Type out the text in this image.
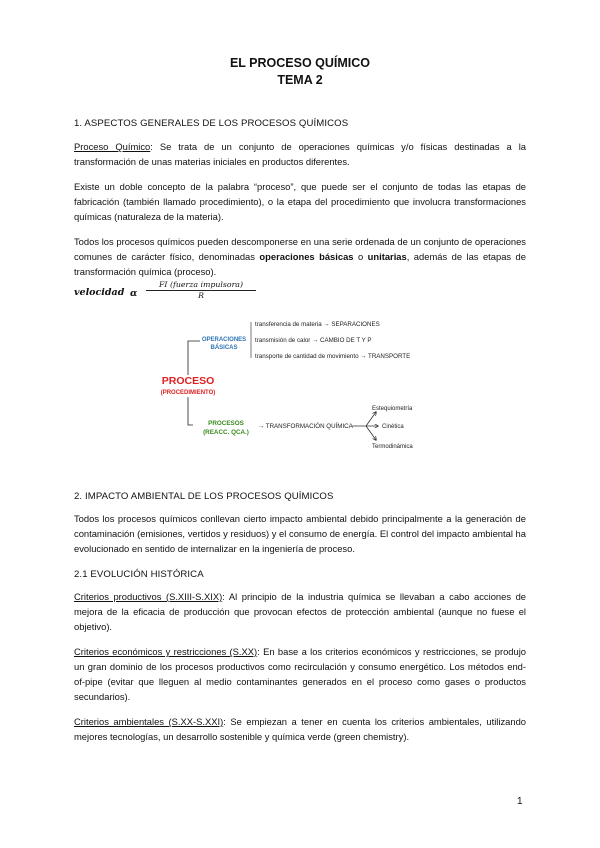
EL PROCESO QUÍMICO
TEMA 2
1. ASPECTOS GENERALES DE LOS PROCESOS QUÍMICOS

Proceso Químico: Se trata de un conjunto de operaciones químicas y/o físicas destinadas a la transformación de unas materias iniciales en productos diferentes.

Existe un doble concepto de la palabra “proceso”, que puede ser el conjunto de todas las etapas de fabricación (también llamado procedimiento), o la etapa del procedimiento que involucra transformaciones químicas (naturaleza de la materia).

Todos los procesos químicos pueden descomponerse en una serie ordenada de un conjunto de operaciones comunes de carácter físico, denominadas operaciones básicas o unitarias, además de las etapas de transformación química (proceso).

velocidad α
FI (fuerza impulsora)
R
PROCESO
(PROCEDIMIENTO)
OPERACIONES
BÁSICAS
transferencia de materia → SEPARACIONES
transmisión de calor → CAMBIO DE T Y P
transporte de cantidad de movimiento → TRANSPORTE
PROCESOS
(REACC. QCA.)
→ TRANSFORMACIÓN QUÍMICA
Estequiometría
Cinética
Termodinámica
2. IMPACTO AMBIENTAL DE LOS PROCESOS QUÍMICOS

Todos los procesos químicos conllevan cierto impacto ambiental debido principalmente a la generación de contaminación (emisiones, vertidos y residuos) y el consumo de energía. El control del impacto ambiental ha evolucionado en sentido de internalizar en la ingeniería de proceso.

2.1 EVOLUCIÓN HISTÓRICA

Criterios productivos (S.XIII-S.XIX): Al principio de la industria química se llevaban a cabo acciones de mejora de la eficacia de producción que provocan efectos de protección ambiental (aunque no fuese el objetivo).

Criterios económicos y restricciones (S.XX): En base a los criterios económicos y restricciones, se produjo un gran dominio de los procesos productivos como recirculación y consumo energético. Los métodos end-of-pipe (evitar que lleguen al medio contaminantes generados en el proceso como gases o productos secundarios).

Criterios ambientales (S.XX-S.XXI): Se empiezan a tener en cuenta los criterios ambientales, utilizando mejores tecnologías, un desarrollo sostenible y química verde (green chemistry).

1
